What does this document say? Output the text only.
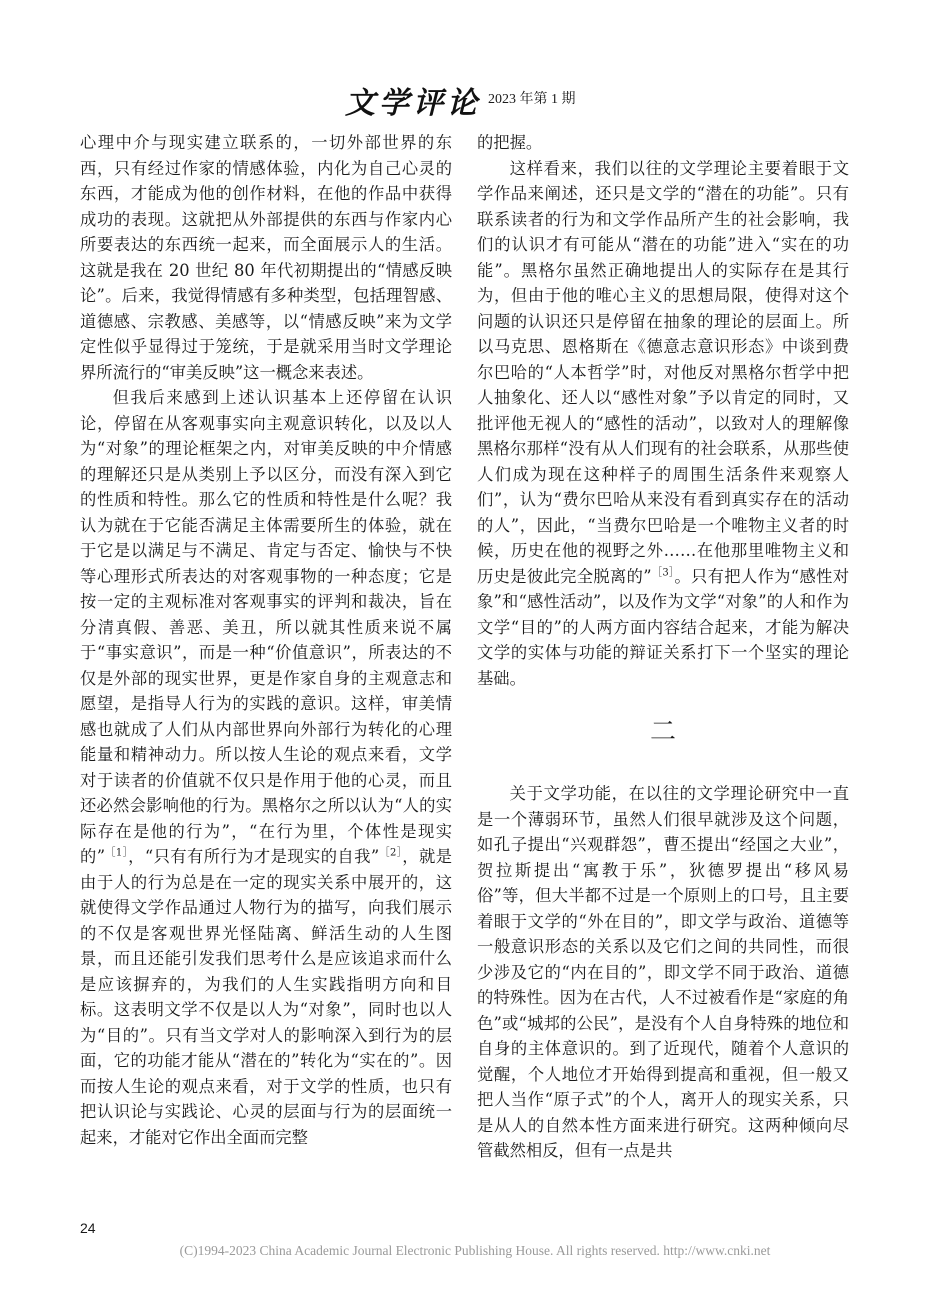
文学评论 2023 年第 1 期

心理中介与现实建立联系的，一切外部世界的东西，只有经过作家的情感体验，内化为自己心灵的东西，才能成为他的创作材料，在他的作品中获得成功的表现。这就把从外部提供的东西与作家内心所要表达的东西统一起来，而全面展示人的生活。这就是我在 20 世纪 80 年代初期提出的“情感反映论”。后来，我觉得情感有多种类型，包括理智感、道德感、宗教感、美感等，以“情感反映”来为文学定性似乎显得过于笼统，于是就采用当时文学理论界所流行的“审美反映”这一概念来表述。

但我后来感到上述认识基本上还停留在认识论，停留在从客观事实向主观意识转化，以及以人为“对象”的理论框架之内，对审美反映的中介情感的理解还只是从类别上予以区分，而没有深入到它的性质和特性。那么它的性质和特性是什么呢？我认为就在于它能否满足主体需要所生的体验，就在于它是以满足与不满足、肯定与否定、愉快与不快等心理形式所表达的对客观事物的一种态度；它是按一定的主观标准对客观事实的评判和裁决，旨在分清真假、善恶、美丑，所以就其性质来说不属于“事实意识”，而是一种“价值意识”，所表达的不仅是外部的现实世界，更是作家自身的主观意志和愿望，是指导人行为的实践的意识。这样，审美情感也就成了人们从内部世界向外部行为转化的心理能量和精神动力。所以按人生论的观点来看，文学对于读者的价值就不仅只是作用于他的心灵，而且还必然会影响他的行为。黑格尔之所以认为“人的实际存在是他的行为”，“在行为里，个体性是现实的”$^{[1]}$，“只有有所行为才是现实的自我”$^{[2]}$，就是由于人的行为总是在一定的现实关系中展开的，这就使得文学作品通过人物行为的描写，向我们展示的不仅是客观世界光怪陆离、鲜活生动的人生图景，而且还能引发我们思考什么是应该追求而什么是应该摒弃的，为我们的人生实践指明方向和目标。这表明文学不仅是以人为“对象”，同时也以人为“目的”。只有当文学对人的影响深入到行为的层面，它的功能才能从“潜在的”转化为“实在的”。因而按人生论的观点来看，对于文学的性质，也只有把认识论与实践论、心灵的层面与行为的层面统一起来，才能对它作出全面而完整

的把握。

这样看来，我们以往的文学理论主要着眼于文学作品来阐述，还只是文学的“潜在的功能”。只有联系读者的行为和文学作品所产生的社会影响，我们的认识才有可能从“潜在的功能”进入“实在的功能”。黑格尔虽然正确地提出人的实际存在是其行为，但由于他的唯心主义的思想局限，使得对这个问题的认识还只是停留在抽象的理论的层面上。所以马克思、恩格斯在《德意志意识形态》中谈到费尔巴哈的“人本哲学”时，对他反对黑格尔哲学中把人抽象化、还人以“感性对象”予以肯定的同时，又批评他无视人的“感性的活动”，以致对人的理解像黑格尔那样“没有从人们现有的社会联系，从那些使人们成为现在这种样子的周围生活条件来观察人们”，认为“费尔巴哈从来没有看到真实存在的活动的人”，因此，“当费尔巴哈是一个唯物主义者的时候，历史在他的视野之外……在他那里唯物主义和历史是彼此完全脱离的”$^{[3]}$。只有把人作为“感性对象”和“感性活动”，以及作为文学“对象”的人和作为文学“目的”的人两方面内容结合起来，才能为解决文学的实体与功能的辩证关系打下一个坚实的理论基础。

二

关于文学功能，在以往的文学理论研究中一直是一个薄弱环节，虽然人们很早就涉及这个问题，如孔子提出“兴观群怨”，曹丕提出“经国之大业”，贺拉斯提出“寓教于乐”，狄德罗提出“移风易俗”等，但大半都不过是一个原则上的口号，且主要着眼于文学的“外在目的”，即文学与政治、道德等一般意识形态的关系以及它们之间的共同性，而很少涉及它的“内在目的”，即文学不同于政治、道德的特殊性。因为在古代，人不过被看作是“家庭的角色”或“城邦的公民”，是没有个人自身特殊的地位和自身的主体意识的。到了近现代，随着个人意识的觉醒，个人地位才开始得到提高和重视，但一般又把人当作“原子式”的个人，离开人的现实关系，只是从人的自然本性方面来进行研究。这两种倾向尽管截然相反，但有一点是共

24
(C)1994-2023 China Academic Journal Electronic Publishing House. All rights reserved. http://www.cnki.net
